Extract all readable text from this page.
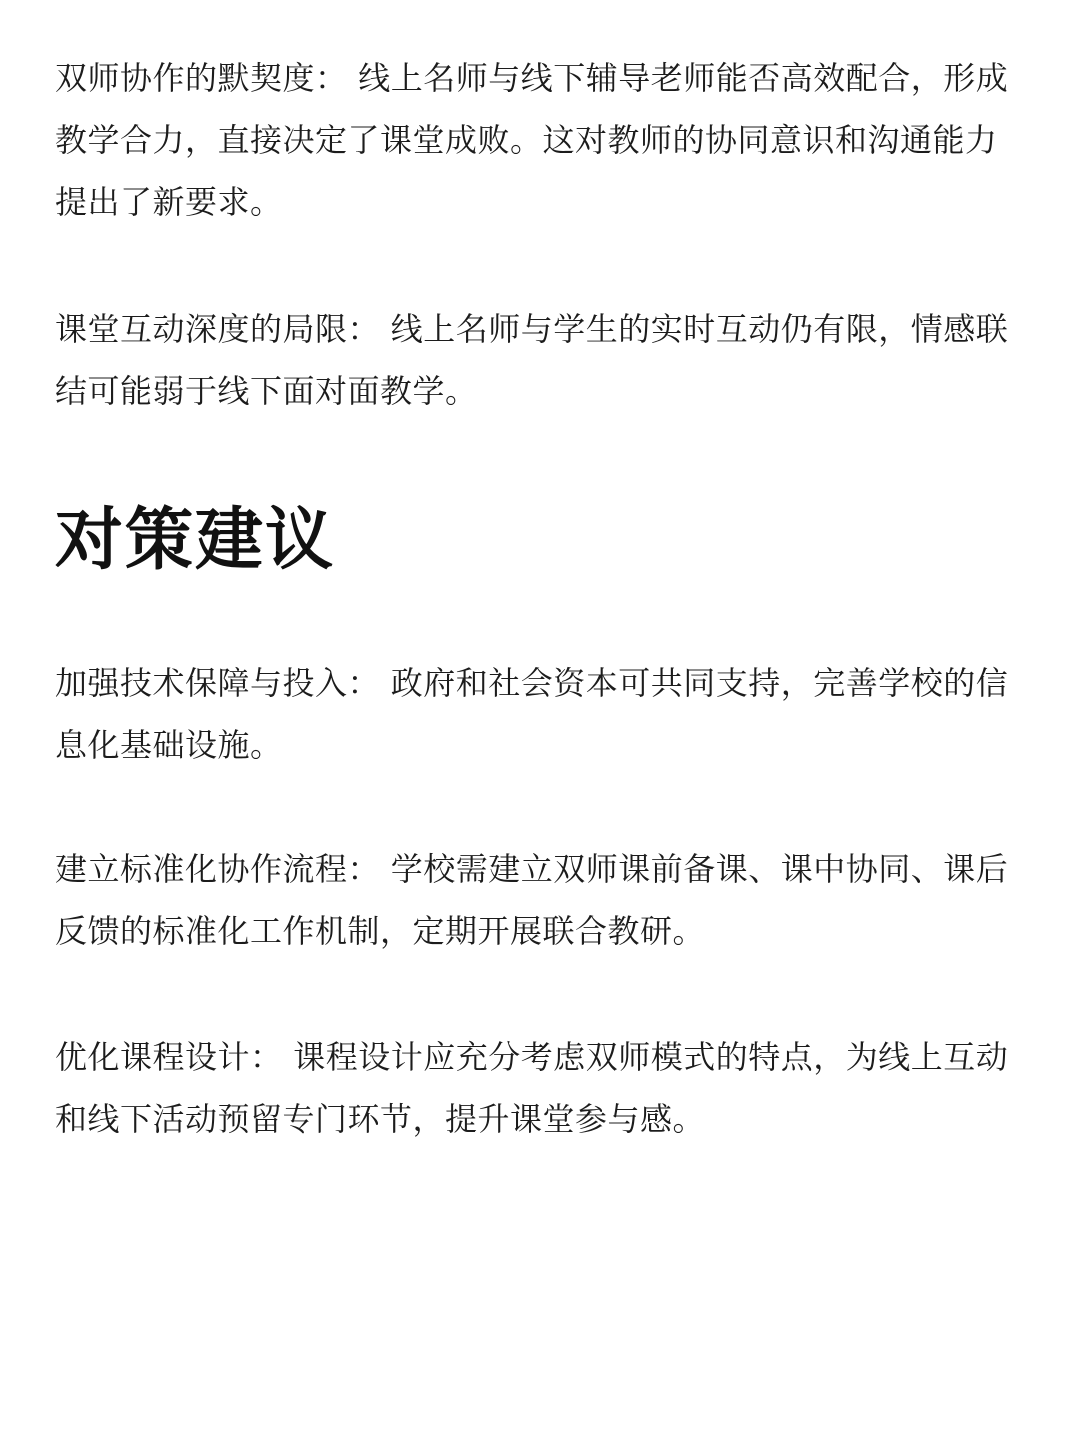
双师协作的默契度： 线上名师与线下辅导老师能否高效配合，形成教学合力，直接决定了课堂成败。这对教师的协同意识和沟通能力提出了新要求。

课堂互动深度的局限： 线上名师与学生的实时互动仍有限，情感联结可能弱于线下面对面教学。

对策建议

加强技术保障与投入： 政府和社会资本可共同支持，完善学校的信息化基础设施。

建立标准化协作流程： 学校需建立双师课前备课、课中协同、课后反馈的标准化工作机制，定期开展联合教研。

优化课程设计： 课程设计应充分考虑双师模式的特点，为线上互动和线下活动预留专门环节，提升课堂参与感。
